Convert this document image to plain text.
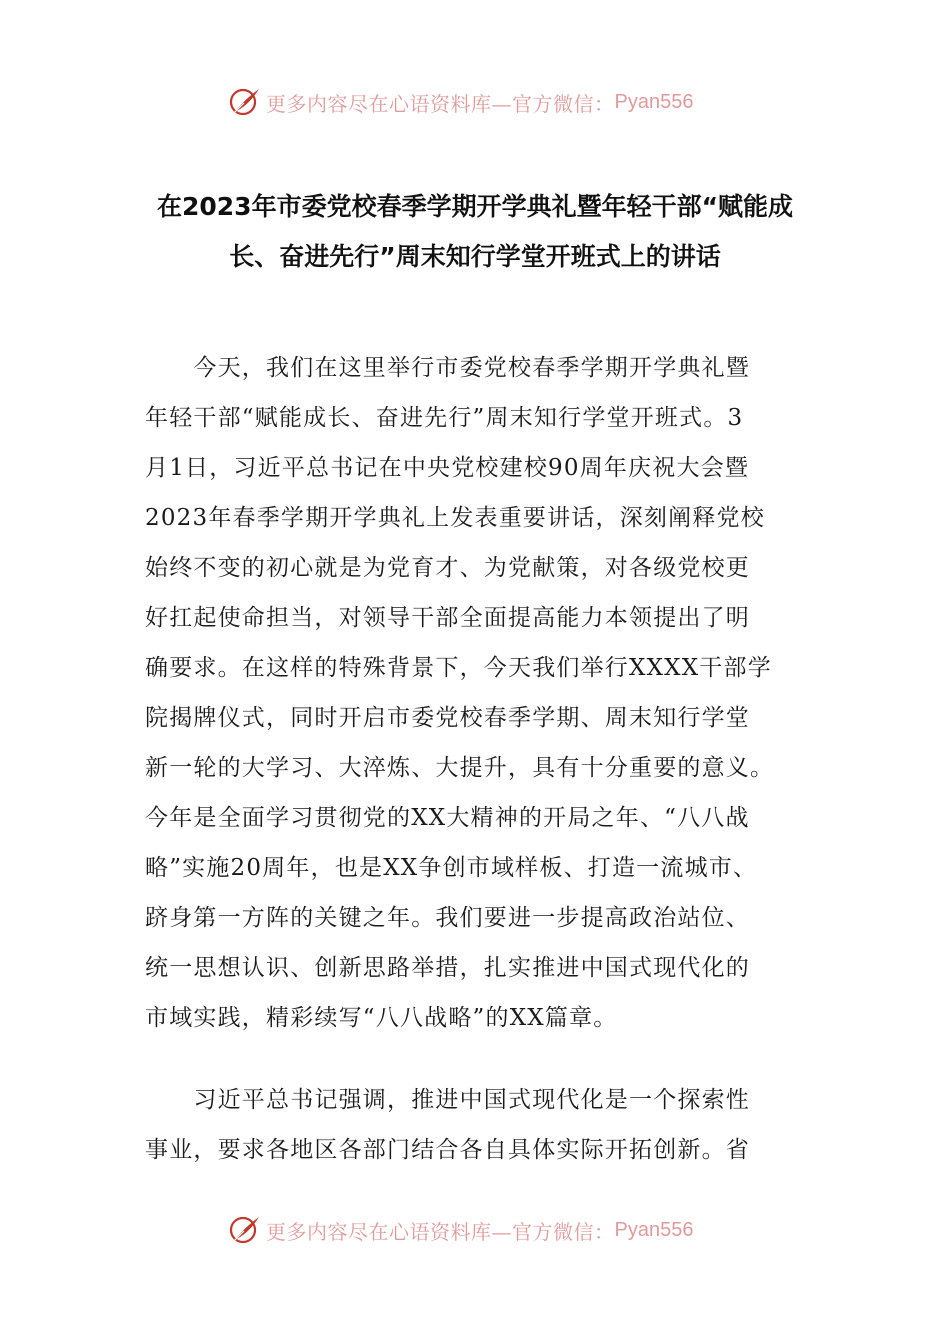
更多内容尽在心语资料库—官方微信： Pyan556
在2023年市委党校春季学期开学典礼暨年轻干部“赋能成
长、奋进先行”周末知行学堂开班式上的讲话
　　今天，我们在这里举行市委党校春季学期开学典礼暨
年轻干部“赋能成长、奋进先行”周末知行学堂开班式。3
月1日，习近平总书记在中央党校建校90周年庆祝大会暨
2023年春季学期开学典礼上发表重要讲话，深刻阐释党校
始终不变的初心就是为党育才、为党献策，对各级党校更
好扛起使命担当，对领导干部全面提高能力本领提出了明
确要求。在这样的特殊背景下，今天我们举行XXXX干部学
院揭牌仪式，同时开启市委党校春季学期、周末知行学堂
新一轮的大学习、大淬炼、大提升，具有十分重要的意义。
今年是全面学习贯彻党的XX大精神的开局之年、“八八战
略”实施20周年，也是XX争创市域样板、打造一流城市、
跻身第一方阵的关键之年。我们要进一步提高政治站位、
统一思想认识、创新思路举措，扎实推进中国式现代化的
市域实践，精彩续写“八八战略”的XX篇章。
　　习近平总书记强调，推进中国式现代化是一个探索性
事业，要求各地区各部门结合各自具体实际开拓创新。省
更多内容尽在心语资料库—官方微信： Pyan556
